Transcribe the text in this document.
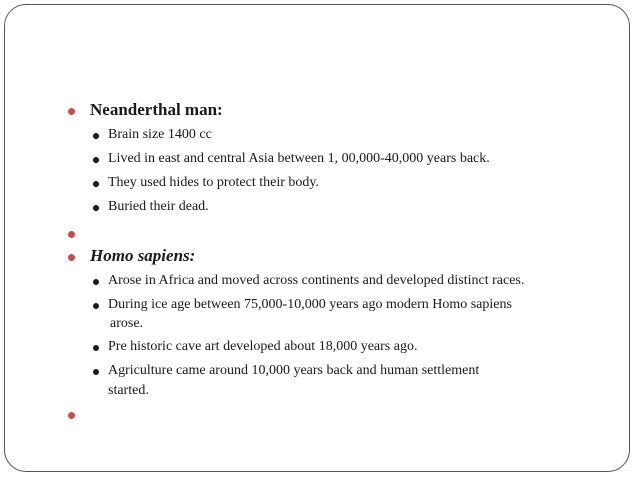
Neanderthal man:
Brain size 1400 cc
Lived in east and central Asia between 1, 00,000-40,000 years back.
They used hides to protect their body.
Buried their dead.
Homo sapiens:
Arose in Africa and moved across continents and developed distinct races.
During ice age between 75,000-10,000 years ago modern Homo sapiens
arose.
Pre historic cave art developed about 18,000 years ago.
Agriculture came around 10,000 years back and human settlement
started.
